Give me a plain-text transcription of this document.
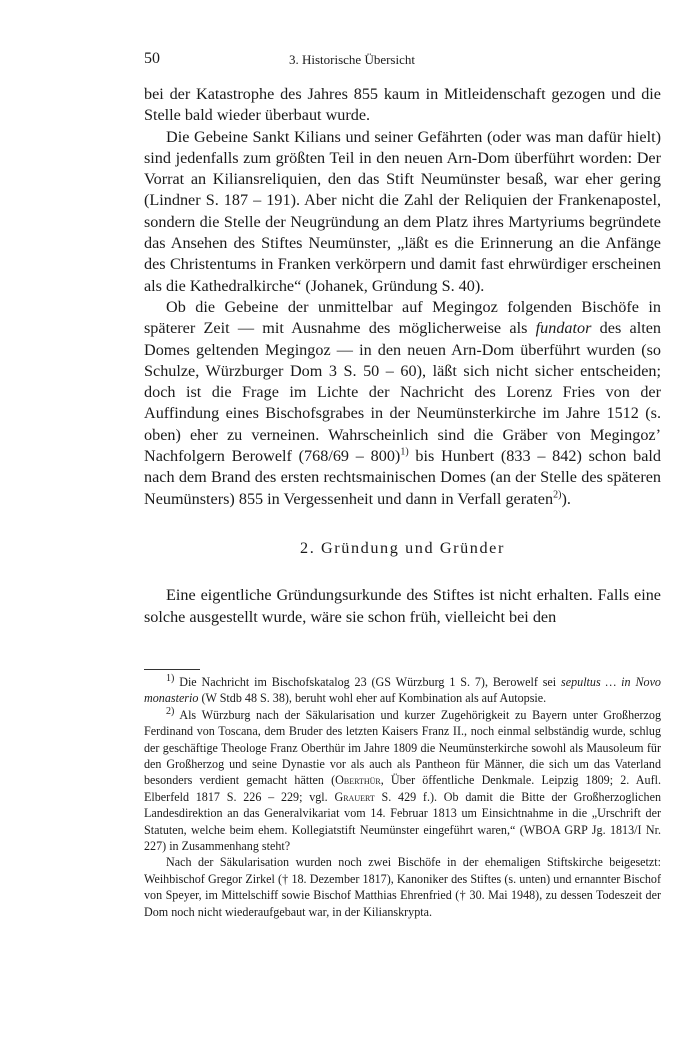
50	3. Historische Übersicht

bei der Katastrophe des Jahres 855 kaum in Mitleidenschaft gezogen und die Stelle bald wieder überbaut wurde.

Die Gebeine Sankt Kilians und seiner Gefährten (oder was man dafür hielt) sind jedenfalls zum größten Teil in den neuen Arn-Dom überführt worden: Der Vorrat an Kiliansreliquien, den das Stift Neumünster besaß, war eher gering (Lindner S. 187 – 191). Aber nicht die Zahl der Reliquien der Frankenapostel, sondern die Stelle der Neugründung an dem Platz ihres Martyriums begründete das Ansehen des Stiftes Neumünster, „läßt es die Erinnerung an die Anfänge des Christentums in Franken verkörpern und damit fast ehrwürdiger erscheinen als die Kathedralkirche“ (Johanek, Gründung S. 40).

Ob die Gebeine der unmittelbar auf Megingoz folgenden Bischöfe in späterer Zeit — mit Ausnahme des möglicherweise als fundator des alten Domes geltenden Megingoz — in den neuen Arn-Dom überführt wurden (so Schulze, Würzburger Dom 3 S. 50 – 60), läßt sich nicht sicher entscheiden; doch ist die Frage im Lichte der Nachricht des Lorenz Fries von der Auffindung eines Bischofsgrabes in der Neumünsterkirche im Jahre 1512 (s. oben) eher zu verneinen. Wahrscheinlich sind die Gräber von Megingoz’ Nachfolgern Berowelf (768/69 – 800)$^{1)}$ bis Hunbert (833 – 842) schon bald nach dem Brand des ersten rechtsmainischen Domes (an der Stelle des späteren Neumünsters) 855 in Vergessenheit und dann in Verfall geraten$^{2)}$).

2. Gründung und Gründer

Eine eigentliche Gründungsurkunde des Stiftes ist nicht erhalten. Falls eine solche ausgestellt wurde, wäre sie schon früh, vielleicht bei den

$^{1)}$ Die Nachricht im Bischofskatalog 23 (GS Würzburg 1 S. 7), Berowelf sei sepultus … in Novo monasterio (W Stdb 48 S. 38), beruht wohl eher auf Kombination als auf Autopsie.

$^{2)}$ Als Würzburg nach der Säkularisation und kurzer Zugehörigkeit zu Bayern unter Großherzog Ferdinand von Toscana, dem Bruder des letzten Kaisers Franz II., noch einmal selbständig wurde, schlug der geschäftige Theologe Franz Oberthür im Jahre 1809 die Neumünsterkirche sowohl als Mausoleum für den Großherzog und seine Dynastie vor als auch als Pantheon für Männer, die sich um das Vaterland besonders verdient gemacht hätten (Oberthür, Über öffentliche Denkmale. Leipzig 1809; 2. Aufl. Elberfeld 1817 S. 226 – 229; vgl. Grauert S. 429 f.). Ob damit die Bitte der Großherzoglichen Landesdirektion an das Generalvikariat vom 14. Februar 1813 um Einsichtnahme in die „Urschrift der Statuten, welche beim ehem. Kollegiatstift Neumünster eingeführt waren,“ (WBOA GRP Jg. 1813/I Nr. 227) in Zusammenhang steht?

Nach der Säkularisation wurden noch zwei Bischöfe in der ehemaligen Stiftskirche beigesetzt: Weihbischof Gregor Zirkel († 18. Dezember 1817), Kanoniker des Stiftes (s. unten) und ernannter Bischof von Speyer, im Mittelschiff sowie Bischof Matthias Ehrenfried († 30. Mai 1948), zu dessen Todeszeit der Dom noch nicht wiederaufgebaut war, in der Kilianskrypta.
